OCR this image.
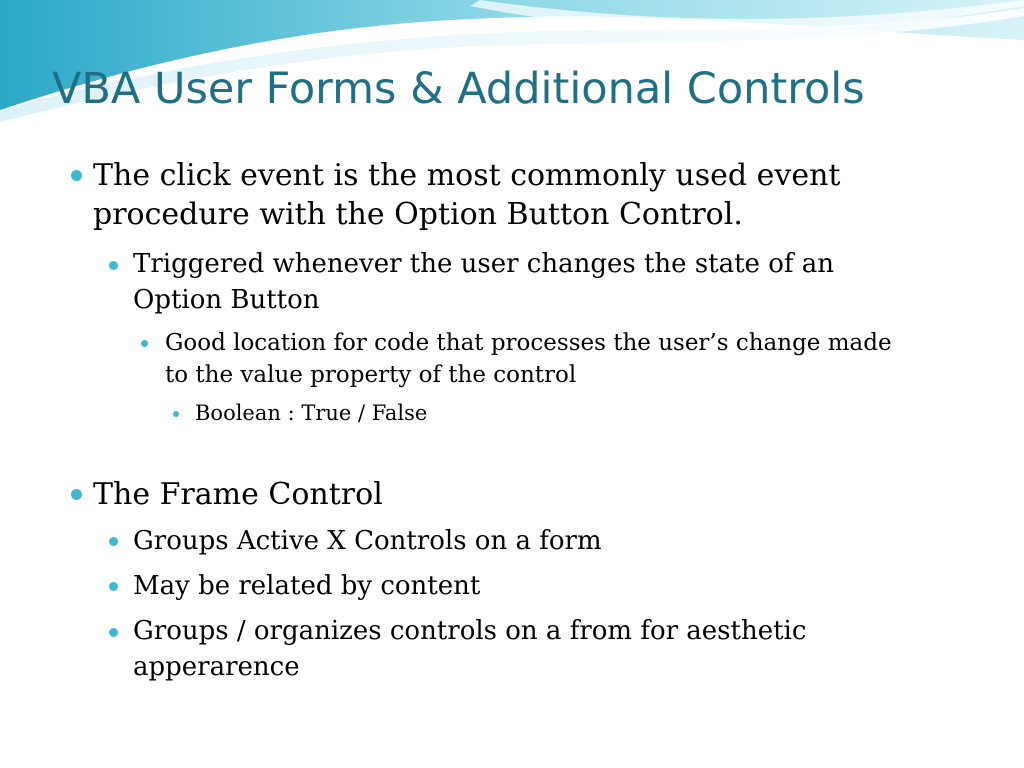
VBA User Forms & Additional Controls
The click event is the most commonly used event
procedure with the Option Button Control.
Triggered whenever the user changes the state of an
Option Button
Good location for code that processes the user’s change made
to the value property of the control
Boolean : True / False
The Frame Control
Groups Active X Controls on a form
May be related by content
Groups / organizes controls on a from for aesthetic
apperarence
